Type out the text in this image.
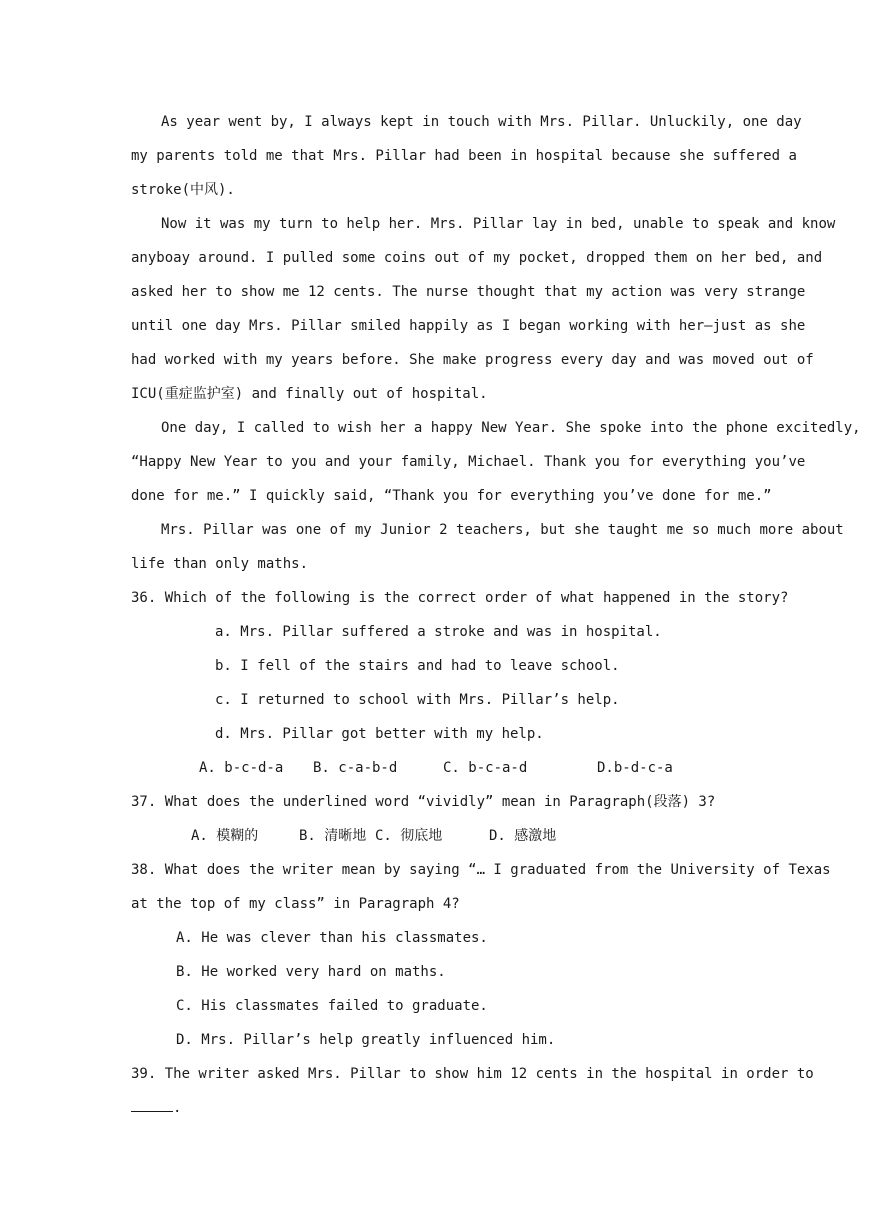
As year went by, I always kept in touch with Mrs. Pillar. Unluckily, one day
my parents told me that Mrs. Pillar had been in hospital because she suffered a
stroke(中风).
Now it was my turn to help her. Mrs. Pillar lay in bed, unable to speak and know
anyboay around. I pulled some coins out of my pocket, dropped them on her bed, and
asked her to show me 12 cents. The nurse thought that my action was very strange
until one day Mrs. Pillar smiled happily as I began working with her—just as she
had worked with my years before. She make progress every day and was moved out of
ICU(重症监护室) and finally out of hospital.
One day, I called to wish her a happy New Year. She spoke into the phone excitedly,
“Happy New Year to you and your family, Michael. Thank you for everything you’ve
done for me.” I quickly said, “Thank you for everything you’ve done for me.”
Mrs. Pillar was one of my Junior 2 teachers, but she taught me so much more about
life than only maths.
36. Which of the following is the correct order of what happened in the story?
a. Mrs. Pillar suffered a stroke and was in hospital.
b. I fell of the stairs and had to leave school.
c. I returned to school with Mrs. Pillar’s help.
d. Mrs. Pillar got better with my help.
A. b-c-d-a	B. c-a-b-d	C. b-c-a-d	D.b-d-c-a
37. What does the underlined word “vividly” mean in Paragraph(段落) 3?
A. 模糊的	B. 清晰地 C. 彻底地	D. 感激地
38. What does the writer mean by saying “… I graduated from the University of Texas
at the top of my class” in Paragraph 4?
A. He was clever than his classmates.
B. He worked very hard on maths.
C. His classmates failed to graduate.
D. Mrs. Pillar’s help greatly influenced him.
39. The writer asked Mrs. Pillar to show him 12 cents in the hospital in order to
.
